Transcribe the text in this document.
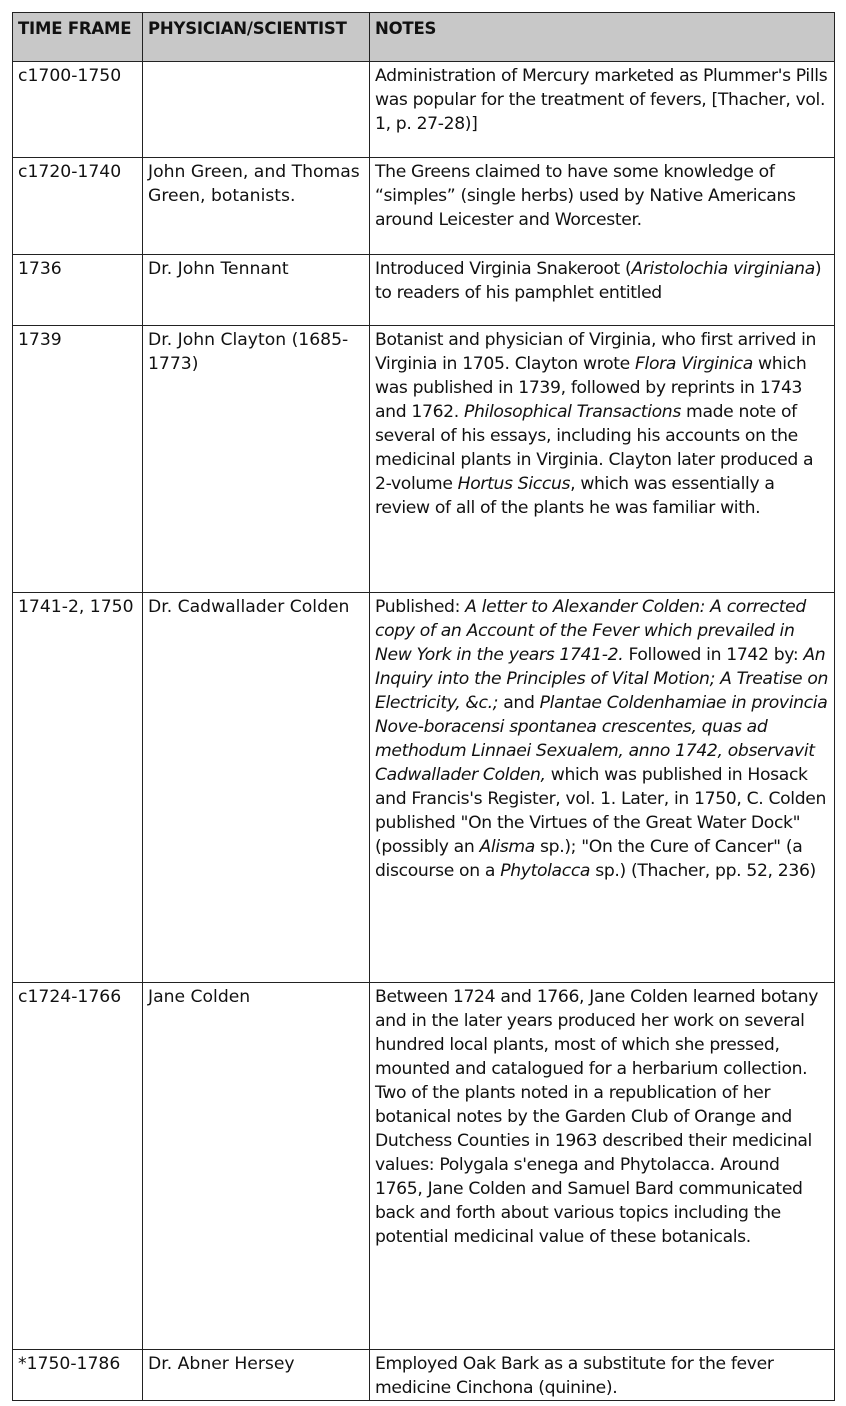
TIME FRAME	PHYSICIAN/SCIENTIST	NOTES
c1700-1750		Administration of Mercury marketed as Plummer's Pills was popular for the treatment of fevers, [Thacher, vol. 1, p. 27-28)]
c1720-1740	John Green, and Thomas Green, botanists.	The Greens claimed to have some knowledge of “simples” (single herbs) used by Native Americans around Leicester and Worcester.
1736	Dr. John Tennant	Introduced Virginia Snakeroot (Aristolochia virginiana) to readers of his pamphlet entitled
1739	Dr. John Clayton (1685-1773)	Botanist and physician of Virginia, who first arrived in Virginia in 1705. Clayton wrote Flora Virginica which was published in 1739, followed by reprints in 1743 and 1762. Philosophical Transactions made note of several of his essays, including his accounts on the medicinal plants in Virginia. Clayton later produced a 2-volume Hortus Siccus, which was essentially a review of all of the plants he was familiar with.
1741-2, 1750	Dr. Cadwallader Colden	Published: A letter to Alexander Colden: A corrected copy of an Account of the Fever which prevailed in New York in the years 1741-2. Followed in 1742 by: An Inquiry into the Principles of Vital Motion; A Treatise on Electricity, &c.; and Plantae Coldenhamiae in provincia Nove-boracensi spontanea crescentes, quas ad methodum Linnaei Sexualem, anno 1742, observavit Cadwallader Colden, which was published in Hosack and Francis's Register, vol. 1. Later, in 1750, C. Colden published "On the Virtues of the Great Water Dock" (possibly an Alisma sp.); "On the Cure of Cancer" (a discourse on a Phytolacca sp.) (Thacher, pp. 52, 236)
c1724-1766	Jane Colden	Between 1724 and 1766, Jane Colden learned botany and in the later years produced her work on several hundred local plants, most of which she pressed, mounted and catalogued for a herbarium collection. Two of the plants noted in a republication of her botanical notes by the Garden Club of Orange and Dutchess Counties in 1963 described their medicinal values: Polygala s'enega and Phytolacca. Around 1765, Jane Colden and Samuel Bard communicated back and forth about various topics including the potential medicinal value of these botanicals.
*1750-1786	Dr. Abner Hersey	Employed Oak Bark as a substitute for the fever medicine Cinchona (quinine).
